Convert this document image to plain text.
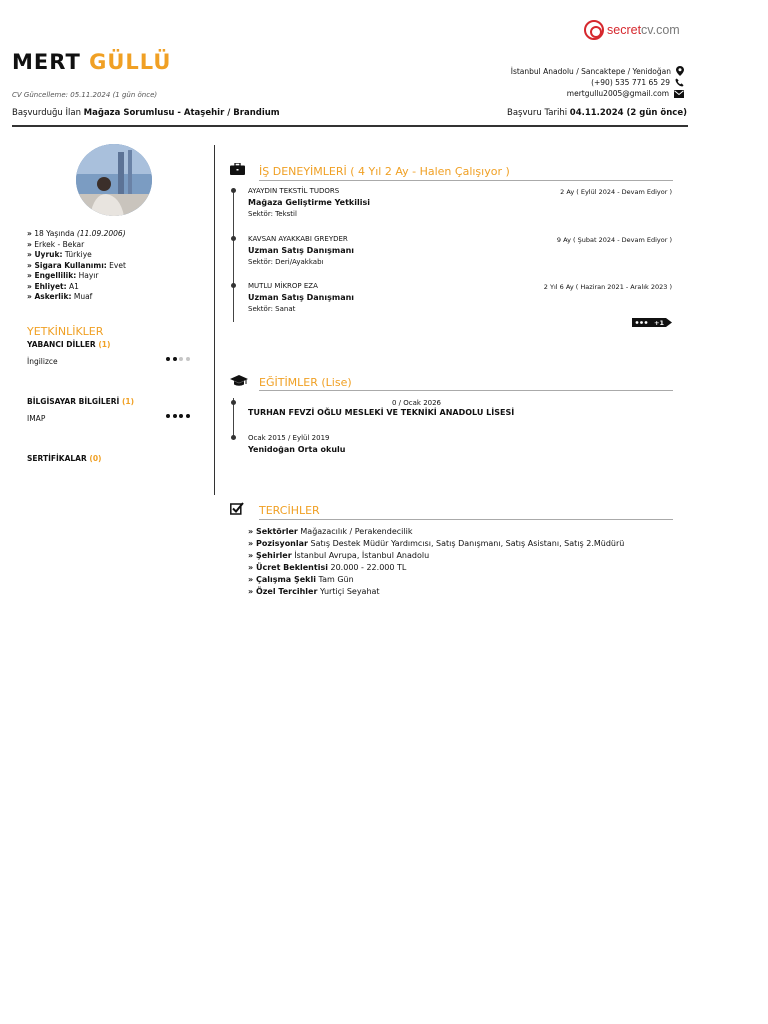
secretcv.com
MERT GÜLLÜ
CV Güncelleme: 05.11.2024 (1 gün önce)
Başvurduğu İlan Mağaza Sorumlusu - Ataşehir / Brandium	Başvuru Tarihi 04.11.2024 (2 gün önce)
İstanbul Anadolu / Sancaktepe / Yenidoğan
(+90) 535 771 65 29
mertgullu2005@gmail.com
» 18 Yaşında (11.09.2006)
» Erkek - Bekar
» Uyruk: Türkiye
» Sigara Kullanımı: Evet
» Engellilik: Hayır
» Ehliyet: A1
» Askerlik: Muaf
YETKİNLİKLER
YABANCI DİLLER (1)
İngilizce
BİLGİSAYAR BİLGİLERİ (1)
IMAP
SERTİFİKALAR (0)
İŞ DENEYİMLERİ ( 4 Yıl 2 Ay - Halen Çalışıyor )
AYAYDIN TEKSTİL TUDORS	2 Ay ( Eylül 2024 - Devam Ediyor )
Mağaza Geliştirme Yetkilisi
Sektör: Tekstil
KAVSAN AYAKKABI GREYDER	9 Ay ( Şubat 2024 - Devam Ediyor )
Uzman Satış Danışmanı
Sektör: Deri/Ayakkabı
MUTLU MİKROP EZA	2 Yıl 6 Ay ( Haziran 2021 - Aralık 2023 )
Uzman Satış Danışmanı
Sektör: Sanat
+1
EĞİTİMLER (Lise)
0 / Ocak 2026
TURHAN FEVZİ OĞLU MESLEKİ VE TEKNİKİ ANADOLU LİSESİ
Ocak 2015 / Eylül 2019
Yenidoğan Orta okulu
TERCİHLER
» Sektörler Mağazacılık / Perakendecilik
» Pozisyonlar Satış Destek Müdür Yardımcısı, Satış Danışmanı, Satış Asistanı, Satış 2.Müdürü
» Şehirler İstanbul Avrupa, İstanbul Anadolu
» Ücret Beklentisi 20.000 - 22.000 TL
» Çalışma Şekli Tam Gün
» Özel Tercihler Yurtiçi Seyahat
